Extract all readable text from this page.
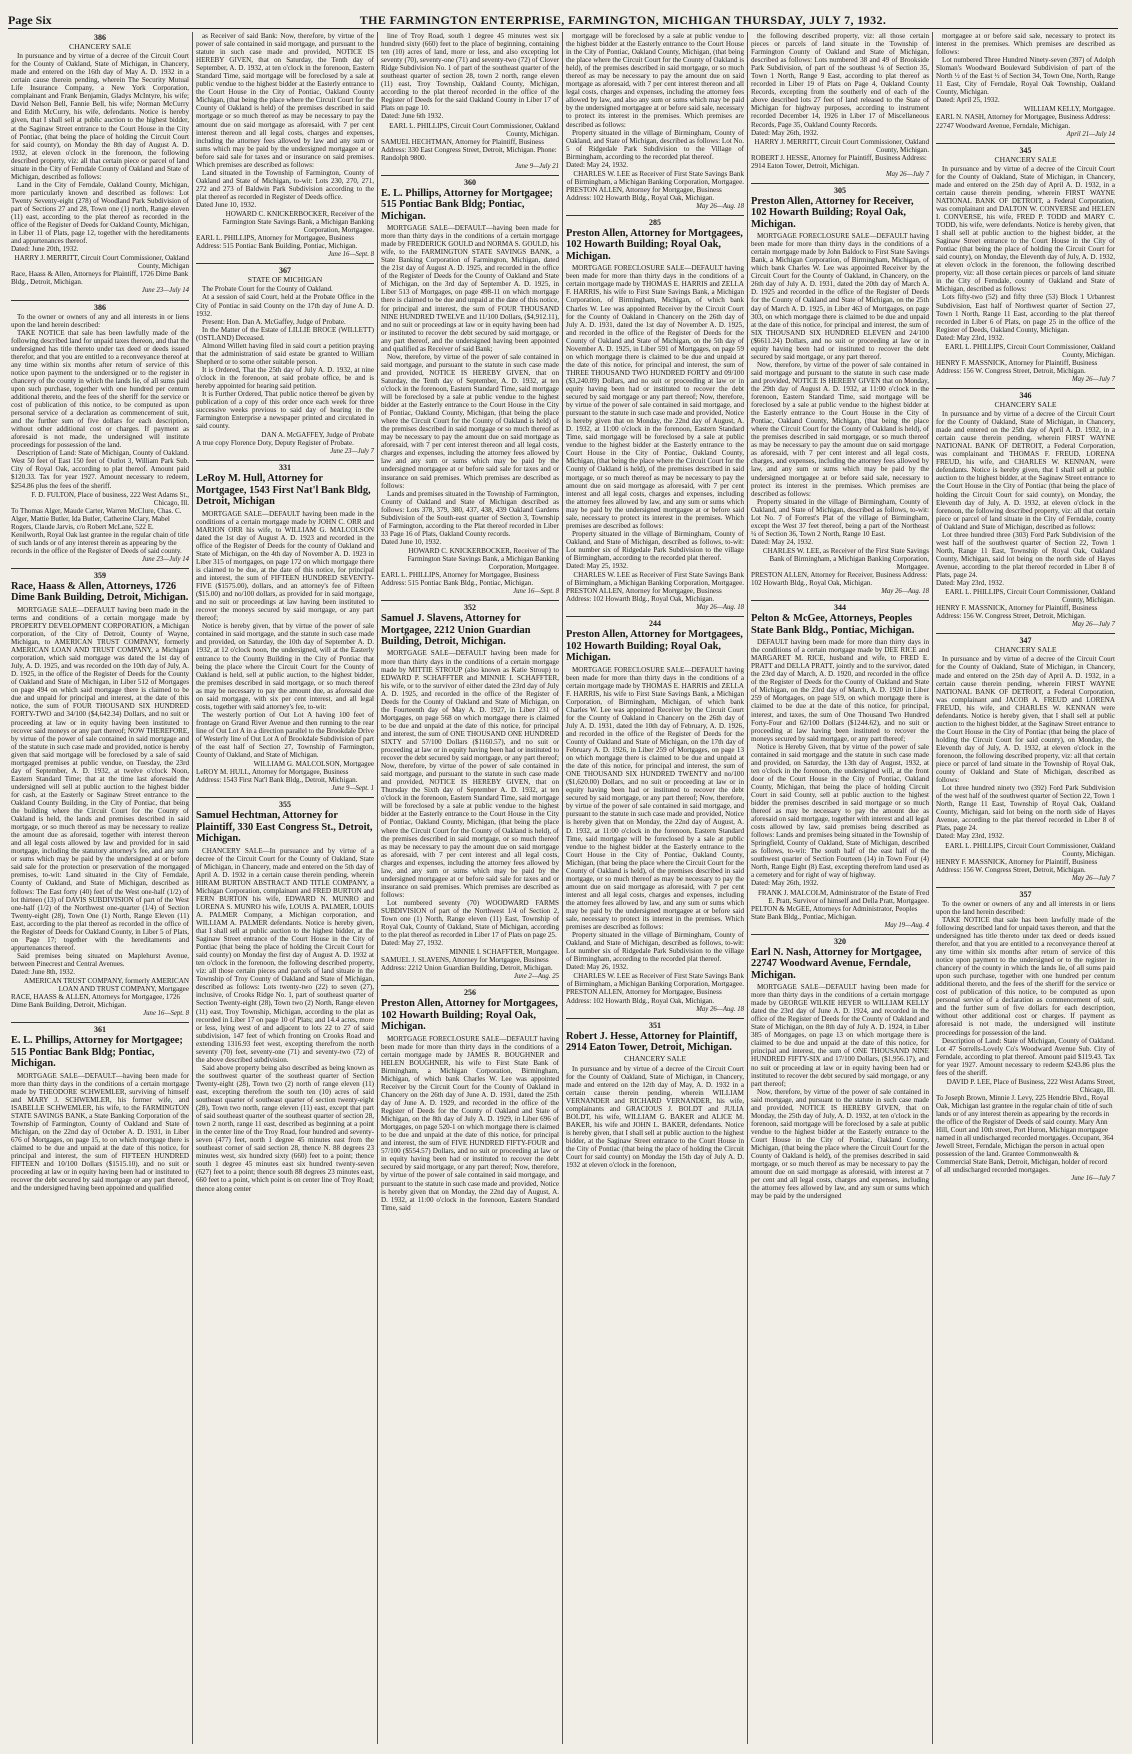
Page Six	THE FARMINGTON ENTERPRISE, FARMINGTON, MICHIGAN THURSDAY, JULY 7, 1932.
386
CHANCERY SALE

In pursuance and by virtue of a decree of the Circuit Court for the County of Oakland, State of Michigan, in Chancery, made and entered on the 16th day of May A. D. 1932 in a certain cause therein pending, wherein The Security Mutual Life Insurance Company, a New York Corporation, complainant and Frank Benjamin, Gladys McIntyre, his wife; David Nelson Bell, Fannie Bell, his wife; Norman McCurry and Edith McCurry, his wife, defendants. Notice is hereby given, that I shall sell at public auction to the highest bidder, at the Saginaw Street entrance to the Court House in the City of Pontiac, (that being the place of holding the Circuit Court for said county), on Monday the 8th day of August A. D. 1932, at eleven o'clock in the forenoon, the following described property, viz: all that certain piece or parcel of land situate in the City of Ferndale County of Oakland and State of Michigan, described as follows:

Land in the City of Ferndale, Oakland County, Michigan, more particularly known and described as follows: Lot Twenty Seventy-eight (278) of Woodland Park Subdivision of part of Sections 27 and 28, Town one (1) north, Range eleven (11) east, according to the plat thereof as recorded in the office of the Register of Deeds for Oakland County, Michigan, in Liber 11 of Plats, page 12, together with the hereditaments and appurtenances thereof.

Dated: June 20th, 1932.

HARRY J. MERRITT, Circuit Court Commissioner, Oakland County, Michigan

Race, Haass & Allen, Attorneys for Plaintiff, 1726 Dime Bank Bldg., Detroit, Michigan.

June 23—July 14
386

To the owner or owners of any and all interests in or liens upon the land herein described:

TAKE NOTICE that sale has been lawfully made of the following described land for unpaid taxes thereon, and that the undersigned has title thereto under tax deed or deeds issued therefor, and that you are entitled to a reconveyance thereof at any time within six months after return of service of this notice upon payment to the undersigned or to the register in chancery of the county in which the lands lie, of all sums paid upon such purchase, together with one hundred per centum additional thereto, and the fees of the sheriff for the service or cost of publication of this notice, to be computed as upon personal service of a declaration as commencement of suit, and the further sum of five dollars for each description, without other additional cost or charges. If payment as aforesaid is not made, the undersigned will institute proceedings for possession of the land.

Description of Land: State of Michigan, County of Oakland. West 50 feet of East 150 feet of Outlot 3, William Park Sub. City of Royal Oak, according to plat thereof. Amount paid $120.33. Tax for year 1927. Amount necessary to redeem, $254.86 plus the fees of the sheriff.

F. D. FULTON, Place of business, 222 West Adams St., Chicago, Ill.

To Thomas Alger, Maude Carter, Warren McClure, Chas. C. Alger, Mattie Butler, Ida Butler, Catherine Clary, Mabel Rogers, Claude Jarvis, c/o Robert McLane, 522 E. Kenilworth, Royal Oak last grantee in the regular chain of title of such lands or of any interest therein as appearing by the records in the office of the Register of Deeds of said county.

June 23—July 14
359
Race, Haass & Allen, Attorneys, 1726 Dime Bank Building, Detroit, Michigan.

MORTGAGE SALE—DEFAULT having been made in the terms and conditions of a certain mortgage made by PROPERTY DEVELOPMENT CORPORATION, a Michigan corporation, of the City of Detroit, County of Wayne, Michigan, to AMERICAN TRUST COMPANY, formerly AMERICAN LOAN AND TRUST COMPANY, a Michigan corporation, which said mortgage was dated the 1st day of July, A. D. 1925, and was recorded on the 10th day of July, A. D. 1925, in the office of the Register of Deeds for the County of Oakland and State of Michigan, in Liber 512 of Mortgages on page 494 on which said mortgage there is claimed to be due and unpaid for principal and interest, at the date of this notice, the sum of FOUR THOUSAND SIX HUNDRED FORTY-TWO and 34/100 ($4,642.34) Dollars, and no suit or proceeding at law or in equity having been instituted to recover said moneys or any part thereof; NOW THEREFORE, by virtue of the power of sale contained in said mortgage and of the statute in such case made and provided, notice is hereby given that said mortgage will be foreclosed by a sale of said mortgaged premises at public vendue, on Tuesday, the 23rd day of September, A. D. 1932, at twelve o'clock Noon, Eastern Standard Time; that at the time last aforesaid the undersigned will sell at public auction to the highest bidder for cash, at the Easterly or Saginaw Street entrance to the Oakland County Building, in the City of Pontiac, that being the building where the Circuit Court for the County of Oakland is held, the lands and premises described in said mortgage, or so much thereof as may be necessary to realize the amount due as aforesaid, together with interest thereon and all legal costs allowed by law and provided for in said mortgage, including the statutory attorney's fee, and any sum or sums which may be paid by the undersigned at or before said sale for the protection or preservation of the mortgaged premises, to-wit: Land situated in the City of Ferndale, County of Oakland, and State of Michigan, described as follows: The East forty (40) feet of the West one-half (1/2) of lot thirteen (13) of DAVIS SUBDIVISION of part of the West one-half (1/2) of the Northwest one-quarter (1/4) of Section Twenty-eight (28), Town One (1) North, Range Eleven (11) East, according to the plat thereof as recorded in the office of the Register of Deeds for Oakland County, in Liber 5 of Plats, on Page 17; together with the hereditaments and appurtenances thereof.

Said premises being situated on Maplehurst Avenue, between Pinecrest and Central Avenues.

Dated: June 8th, 1932.

AMERICAN TRUST COMPANY, formerly AMERICAN LOAN AND TRUST COMPANY, Mortgagee

RACE, HAASS & ALLEN, Attorneys for Mortgagee, 1726 Dime Bank Building, Detroit, Michigan.

June 16—Sept. 8
361
E. L. Phillips, Attorney for Mortgagee; 515 Pontiac Bank Bldg; Pontiac, Michigan.

MORTGAGE SALE—DEFAULT—having been made for more than thirty days in the conditions of a certain mortgage made by THEODORE SCHWEMLER, surviving of himself and MARY J. SCHWEMLER, his former wife, and ISABELLE SCHWEMLER, his wife, to the FARMINGTON STATE SAVINGS BANK, a State Banking Corporation of the Township of Farmington, County of Oakland and State of Michigan, on the 22nd day of October A. D. 1931, in Liber 676 of Mortgages, on page 15, to on which mortgage there is claimed to be due and unpaid at the date of this notice, for principal and interest, the sum of FIFTEEN HUNDRED FIFTEEN and 10/100 Dollars ($1515.10), and no suit or proceeding at law or in equity having been had or instituted to recover the debt secured by said mortgage or any part thereof, and the undersigned having been appointed and qualified

as Receiver of said Bank: Now, therefore, by virtue of the power of sale contained in said mortgage, and pursuant to the statute in such case made and provided, NOTICE IS HEREBY GIVEN, that on Saturday, the Tenth day of September, A. D. 1932, at ten o'clock in the forenoon, Eastern Standard Time, said mortgage will be foreclosed by a sale at public vendue to the highest bidder at the Easterly entrance to the Court House in the City of Pontiac, Oakland County Michigan, (that being the place where the Circuit Court for the County of Oakland is held) of the premises described in said mortgage or so much thereof as may be necessary to pay the amount due on said mortgage as aforesaid, with 7 per cent interest thereon and all legal costs, charges and expenses, including the attorney fees allowed by law and any sum or sums which may be paid by the undersigned mortgagee at or before said sale for taxes and or insurance on said premises. Which premises are described as follows:

Land situated in the Township of Farmington, County of Oakland and State of Michigan, to-wit: Lots 230, 270, 271, 272 and 273 of Baldwin Park Subdivision according to the plat thereof as recorded in Register of Deeds office.

Dated June 10, 1932.

HOWARD C. KNICKERBOCKER, Receiver of the Farmington State Savings Bank, a Michigan Banking Corporation, Mortgagee.

EARL L. PHILLIPS, Attorney for Mortgagee, Business Address: 515 Pontiac Bank Building, Pontiac, Michigan.

June 16—Sept. 8
367
STATE OF MICHIGAN

The Probate Court for the County of Oakland.

At a session of said Court, held at the Probate Office in the City of Pontiac in said County on the 17th day of June A. D. 1932.

Present: Hon. Dan A. McGaffey, Judge of Probate.

In the Matter of the Estate of LILLIE BROCE (WILLETT) (OSTLAND) Deceased.

Almond Willett having filed in said court a petition praying that the administration of said estate be granted to William Shepherd or to some other suitable person.

It is Ordered, That the 25th day of July A. D. 1932, at nine o'clock in the forenoon, at said probate office, be and is hereby appointed for hearing said petition.

It is Further Ordered, That public notice thereof be given by publication of a copy of this order once each week for three successive weeks previous to said day of hearing in the Farmington Enterprise a newspaper printed and circulated in said county.

DAN A. McGAFFEY, Judge of Probate

A true copy Florence Doty, Deputy Register of Probate.

June 23—July 7
331
LeRoy M. Hull, Attorney for Mortgagee, 1543 First Nat'l Bank Bldg, Detroit, Michigan

MORTGAGE SALE—DEFAULT having been made in the conditions of a certain mortgage made by JOHN C. ORR and MARION ORR his wife, to WILLIAM G. MALCOLSON dated the 1st day of August A. D. 1923 and recorded in the office of the Register of Deeds for the county of Oakland and State of Michigan, on the 4th day of November A. D. 1923 in Liber 315 of mortgages, on page 172 on which mortgage there is claimed to be due, at the date of this notice, for principal and interest, the sum of FIFTEEN HUNDRED SEVENTY-FIVE ($1575.00), dollars, and an attorney's fee of Fifteen ($15.00) and no/100 dollars, as provided for in said mortgage, and no suit or proceedings at law having been instituted to recover the moneys secured by said mortgage, or any part thereof;

Notice is hereby given, that by virtue of the power of sale contained in said mortgage, and the statute in such case made and provided, on Saturday, the 10th day of September A. D. 1932, at 12 o'clock noon, the undersigned, will at the Easterly entrance to the County Building in the City of Pontiac that being the place where the Circuit Court for the County of Oakland is held, sell at public auction, to the highest bidder, the premises described in said mortgage, or so much thereof as may be necessary to pay the amount due, as aforesaid due on said mortgage, with six per cent interest, and all legal costs, together with said attorney's fee, to-wit:

The westerly portion of Out Lot A having 100 feet of frontage on Grand River Avenue and then running to the rear line of Out Lot A in a direction parallel to the Brookdale Drive of Westerly line of Out Lot A of Brookdale Subdivision of part of the east half of Section 27, Township of Farmington, County of Oakland, and State of Michigan.

WILLIAM G. MALCOLSON, Mortgagee

LeROY M. HULL, Attorney for Mortgagee, Business Address: 1543 First Nat'l Bank Bldg., Detroit, Michigan.

June 9—Sept. 1
355
Samuel Hechtman, Attorney for Plaintiff, 330 East Congress St., Detroit, Michigan.

CHANCERY SALE—In pursuance and by virtue of a decree of the Circuit Court for the County of Oakland, State of Michigan, in Chancery, made and entered on the 5th day of April A. D. 1932 in a certain cause therein pending, wherein HIRAM BURTON ABSTRACT AND TITLE COMPANY, a Michigan Corporation, complainant and FRED BURTON and FERN BURTON his wife, EDWARD N. MUNRO and LORENA S. MUNRO his wife, LOUIS A. PALMER, LOUIS A. PALMER Company, a Michigan corporation, and WILLIAM A. PALMER defendants. Notice is hereby given, that I shall sell at public auction to the highest bidder, at the Saginaw Street entrance of the Court House in the City of Pontiac (that being the place of holding the Circuit Court for said county) on Monday the first day of August A. D. 1932 at ten o'clock in the forenoon, the following described property, viz: all those certain pieces and parcels of land situate in the Township of Troy County of Oakland and State of Michigan, described as follows: Lots twenty-two (22) to seven (27), inclusive, of Crooks Ridge No. 1, part of southeast quarter of Section Twenty-eight (28), Town two (2) North, Range eleven (11) east, Troy Township, Michigan, according to the plat as recorded in Liber 17 on page 10 of Plats; and 14.4 acres, more or less, lying west of and adjacent to lots 22 to 27 of said subdivision, 147 feet of which fronting on Crooks Road and extending 1316.93 feet west, excepting therefrom the north seventy (70) feet, seventy-one (71) and seventy-two (72) of the above described subdivision.

Said above property being also described as being known as the southwest quarter of the southeast quarter of Section Twenty-eight (28), Town two (2) north of range eleven (11) east, excepting therefrom the south ten (10) acres of said southeast quarter of southeast quarter of section twenty-eight (28), Town two north, range eleven (11) east, except that part of said southeast quarter of the southeast quarter of section 28, town 2 north, range 11 east, described as beginning at a point in the center line of the Troy Road, four hundred and seventy-seven (477) feet, north 1 degree 45 minutes east from the southeast corner of said section 28, thence N. 88 degrees 23 minutes west, six hundred sixty (660) feet to a point; thence south 1 degree 45 minutes east six hundred twenty-seven (627) feet to a point; thence south 88 degrees 23 minutes east, 660 feet to a point, which point is on center line of Troy Road; thence along center

line of Troy Road, south 1 degree 45 minutes west six hundred sixty (660) feet to the place of beginning, containing ten (10) acres of land, more or less, and also excepting lot seventy (70), seventy-one (71) and seventy-two (72) of Clover Ridge Subdivision No. 1 of part of the southeast quarter of the southeast quarter of section 28, town 2 north, range eleven (11) east, Troy Township, Oakland County, Michigan, according to the plat thereof recorded in the office of the Register of Deeds for the said Oakland County in Liber 17 of Plats on page 10.

Dated: June 6th 1932.

EARL L. PHILLIPS, Circuit Court Commissioner, Oakland County, Michigan.

SAMUEL HECHTMAN, Attorney for Plaintiff, Business Address: 330 East Congress Street, Detroit, Michigan. Phone: Randolph 9800.

June 9—July 21
360
E. L. Phillips, Attorney for Mortgagee; 515 Pontiac Bank Bldg; Pontiac, Michigan.

MORTGAGE SALE—DEFAULT—having been made for more than thirty days in the conditions of a certain mortgage made by FREDERICK GOULD and NORMA S. GOULD, his wife, to the FARMINGTON STATE SAVINGS BANK, a State Banking Corporation of Farmington, Michigan, dated the 21st day of August A. D. 1925, and recorded in the office of the Register of Deeds for the County of Oakland and State of Michigan, on the 3rd day of September A. D. 1925, in Liber 513 of Mortgages, on page 498-11 on which mortgage there is claimed to be due and unpaid at the date of this notice, for principal and interest, the sum of FOUR THOUSAND NINE HUNDRED TWELVE and 11/100 Dollars, ($4,912.11), and no suit or proceedings at law or in equity having been had or instituted to recover the debt secured by said mortgage, or any part thereof, and the undersigned having been appointed and qualified as Receiver of said Bank;

Now, therefore, by virtue of the power of sale contained in said mortgage, and pursuant to the statute in such case made and provided, NOTICE IS HEREBY GIVEN, that on Saturday, the Tenth day of September, A. D. 1932, at ten o'clock in the forenoon, Eastern Standard Time, said mortgage will be foreclosed by a sale at public vendue to the highest bidder at the Easterly entrance to the Court House in the City of Pontiac, Oakland County, Michigan, (that being the place where the Circuit Court for the County of Oakland is held) of the premises described in said mortgage or so much thereof as may be necessary to pay the amount due on said mortgage as aforesaid, with 7 per cent interest thereon and all legal costs, charges and expenses, including the attorney fees allowed by law and any sum or sums which may be paid by the undersigned mortgagee at or before said sale for taxes and or insurance on said premises. Which premises are described as follows:

Lands and premises situated in the Township of Farmington, County of Oakland and State of Michigan described as follows: Lots 378, 379, 380, 437, 438, 439 Oakland Gardens Subdivision of the South-east quarter of Section 3, Township of Farmington, according to the Plat thereof recorded in Liber 33 Page 16 of Plats, Oakland County records.

Dated June 10, 1932.

HOWARD C. KNICKERBOCKER, Receiver of The Farmington State Savings Bank, a Michigan Banking Corporation, Mortgagee.

EARL L. PHILLIPS, Attorney for Mortgagee, Business Address: 515 Pontiac Bank Bldg., Pontiac, Michigan.

June 16—Sept. 8
352
Samuel J. Slavens, Attorney for Mortgagee, 2212 Union Guardian Building, Detroit, Michigan.

MORTGAGE SALE—DEFAULT having been made for more than thirty days in the conditions of a certain mortgage made by MITTIE STROUP (also known as Katie Stroup) to EDWARD P. SCHAFFTER and MINNIE I. SCHAFFTER, his wife, or to the survivor of either dated the 23rd day of July A. D. 1925, and recorded in the office of the Register of Deeds for the County of Oakland and State of Michigan, on the Fourteenth day of May A. D. 1927, in Liber 231 of Mortgages, on page 568 on which mortgage there is claimed to be due and unpaid at the date of this notice, for principal and interest, the sum of ONE THOUSAND ONE HUNDRED SIXTY and 57/100 Dollars ($1160.57), and no suit or proceeding at law or in equity having been had or instituted to recover the debt secured by said mortgage, or any part thereof; Now, therefore, by virtue of the power of sale contained in said mortgage, and pursuant to the statute in such case made and provided, NOTICE IS HEREBY GIVEN, that on Thursday the Sixth day of September A. D. 1932, at ten o'clock in the forenoon, Eastern Standard Time, said mortgage will be foreclosed by a sale at public vendue to the highest bidder at the Easterly entrance to the Court House in the City of Pontiac, Oakland County, Michigan, (that being the place where the Circuit Court for the County of Oakland is held), of the premises described in said mortgage, or so much thereof as may be necessary to pay the amount due on said mortgage as aforesaid, with 7 per cent interest and all legal costs, charges and expenses, including the attorney fees allowed by law, and any sum or sums which may be paid by the undersigned mortgagee at or before said sale for taxes and or insurance on said premises. Which premises are described as follows:

Lot numbered seventy (70) WOODWARD FARMS SUBDIVISION of part of the Northwest 1/4 of Section 2, Town one (1) North, Range eleven (11) East, Township of Royal Oak, County of Oakland, State of Michigan, according to the plat thereof as recorded in Liber 17 of Plats on page 25.

Dated: May 27, 1932.

MINNIE I. SCHAFFTER, Mortgagee.

SAMUEL J. SLAVENS, Attorney for Mortgagee, Business Address: 2212 Union Guardian Building, Detroit, Michigan.

June 2—Aug. 25
256
Preston Allen, Attorney for Mortgagees, 102 Howarth Building; Royal Oak, Michigan.

MORTGAGE FORECLOSURE SALE—DEFAULT having been made for more than thirty days in the conditions of a certain mortgage made by JAMES R. BOUGHNER and HELEN BOUGHNER, his wife to First State Bank of Birmingham, a Michigan Corporation, Birmingham, Michigan, of which bank Charles W. Lee was appointed Receiver by the Circuit Court for the County of Oakland in Chancery on the 26th day of June A. D. 1931, dated the 25th day of June A. D. 1929, and recorded in the office of the Register of Deeds for the County of Oakland and State of Michigan, on the 8th day of July A. D. 1929, in Liber 696 of Mortgages, on page 520-1 on which mortgage there is claimed to be due and unpaid at the date of this notice, for principal and interest, the sum of FIVE HUNDRED FIFTY-FOUR and 57/100 ($554.57) Dollars, and no suit or proceeding at law or in equity having been had or instituted to recover the debt secured by said mortgage, or any part thereof; Now, therefore, by virtue of the power of sale contained in said mortgage, and pursuant to the statute in such case made and provided, Notice is hereby given that on Monday, the 22nd day of August, A. D. 1932, at 11:00 o'clock in the forenoon, Eastern Standard Time, said

mortgage will be foreclosed by a sale at public vendue to the highest bidder at the Easterly entrance to the Court House in the City of Pontiac, Oakland County, Michigan, (that being the place where the Circuit Court for the County of Oakland is held), of the premises described in said mortgage, or so much thereof as may be necessary to pay the amount due on said mortgage as aforesaid, with 7 per cent interest thereon and all legal costs, charges and expenses, including the attorney fees allowed by law, and also any sum or sums which may be paid by the undersigned mortgagee at or before said sale, necessary to protect its interest in the premises. Which premises are described as follows:

Property situated in the village of Birmingham, County of Oakland, and State of Michigan, described as follows: Lot No. 5 of Ridgedale Park Subdivision to the Village of Birmingham, according to the recorded plat thereof.

Dated: May 24, 1932.

CHARLES W. LEE as Receiver of First State Savings Bank of Birmingham, a Michigan Banking Corporation, Mortgagee.

PRESTON ALLEN, Attorney for Mortgagee, Business Address: 102 Howarth Bldg., Royal Oak, Michigan.

May 26—Aug. 18
285
Preston Allen, Attorney for Mortgagees, 102 Howarth Building; Royal Oak, Michigan.

MORTGAGE FORECLOSURE SALE—DEFAULT having been made for more than thirty days in the conditions of a certain mortgage made by THOMAS E. HARRIS and ZELLA F. HARRIS, his wife to First State Savings Bank, a Michigan Corporation, of Birmingham, Michigan, of which bank Charles W. Lee was appointed Receiver by the Circuit Court for the County of Oakland in Chancery on the 26th day of July A. D. 1931, dated the 1st day of November A. D. 1925, and recorded in the office of the Register of Deeds for the County of Oakland and State of Michigan, on the 5th day of November A. D. 1925, in Liber 591 of Mortgages, on page 59 on which mortgage there is claimed to be due and unpaid at the date of this notice, for principal and interest, the sum of THREE THOUSAND TWO HUNDRED FORTY and 09/100 ($3,240.09) Dollars, and no suit or proceeding at law or in equity having been had or instituted to recover the debt secured by said mortgage or any part thereof; Now, therefore, by virtue of the power of sale contained in said mortgage, and pursuant to the statute in such case made and provided, Notice is hereby given that on Monday, the 22nd day of August, A. D. 1932, at 11:00 o'clock in the forenoon, Eastern Standard Time, said mortgage will be foreclosed by a sale at public vendue to the highest bidder at the Easterly entrance to the Court House in the City of Pontiac, Oakland County, Michigan, (that being the place where the Circuit Court for the County of Oakland is held), of the premises described in said mortgage, or so much thereof as may be necessary to pay the amount due on said mortgage as aforesaid, with 7 per cent interest and all legal costs, charges and expenses, including the attorney fees allowed by law, and any sum or sums which may be paid by the undersigned mortgagee at or before said sale, necessary to protect its interest in the premises. Which premises are described as follows:

Property situated in the village of Birmingham, County of Oakland, and State of Michigan, described as follows, to-wit: Lot number six of Ridgedale Park Subdivision to the village of Birmingham, according to the recorded plat thereof.

Dated: May 25, 1932.

CHARLES W. LEE as Receiver of First State Savings Bank of Birmingham, a Michigan Banking Corporation, Mortgagee.

PRESTON ALLEN, Attorney for Mortgagee, Business Address: 102 Howarth Bldg., Royal Oak, Michigan.

May 26—Aug. 18
244
Preston Allen, Attorney for Mortgagees, 102 Howarth Building; Royal Oak, Michigan.

MORTGAGE FORECLOSURE SALE—DEFAULT having been made for more than thirty days in the conditions of a certain mortgage made by THOMAS E. HARRIS and ZELLA F. HARRIS, his wife to First State Savings Bank, a Michigan Corporation, of Birmingham, Michigan, of which bank Charles W. Lee was appointed Receiver by the Circuit Court for the County of Oakland in Chancery on the 26th day of July A. D. 1931, dated the 10th day of February, A. D. 1926, and recorded in the office of the Register of Deeds for the County of Oakland and State of Michigan, on the 17th day of February A. D. 1926, in Liber 259 of Mortgages, on page 13 on which mortgage there is claimed to be due and unpaid at the date of this notice, for principal and interest, the sum of ONE THOUSAND SIX HUNDRED TWENTY and no/100 ($1,620.00) Dollars, and no suit or proceeding at law or in equity having been had or instituted to recover the debt secured by said mortgage, or any part thereof; Now, therefore, by virtue of the power of sale contained in said mortgage, and pursuant to the statute in such case made and provided, Notice is hereby given that on Monday, the 22nd day of August, A. D. 1932, at 11:00 o'clock in the forenoon, Eastern Standard Time, said mortgage will be foreclosed by a sale at public vendue to the highest bidder at the Easterly entrance to the Court House in the City of Pontiac, Oakland County, Michigan, (that being the place where the Circuit Court for the County of Oakland is held), of the premises described in said mortgage, or so much thereof as may be necessary to pay the amount due on said mortgage as aforesaid, with 7 per cent interest and all legal costs, charges and expenses, including the attorney fees allowed by law, and any sum or sums which may be paid by the undersigned mortgagee at or before said sale, necessary to protect its interest in the premises. Which premises are described as follows:

Property situated in the village of Birmingham, County of Oakland, and State of Michigan, described as follows, to-wit: Lot number six of Ridgedale Park Subdivision to the village of Birmingham, according to the recorded plat thereof.

Dated: May 26, 1932.

CHARLES W. LEE as Receiver of First State Savings Bank of Birmingham, a Michigan Banking Corporation, Mortgagee.

PRESTON ALLEN, Attorney for Mortgagee, Business Address: 102 Howarth Bldg., Royal Oak, Michigan.

May 26—Aug. 18
351
Robert J. Hesse, Attorney for Plaintiff, 2914 Eaton Tower, Detroit, Michigan.
CHANCERY SALE

In pursuance and by virtue of a decree of the Circuit Court for the County of Oakland, State of Michigan, in Chancery, made and entered on the 12th day of May, A. D. 1932 in a certain cause therein pending, wherein WILLIAM VERNANDER and RICHARD VERNANDER, his wife, complainants and GRACIOUS J. BOLDT and JULIA BOLDT, his wife, WILLIAM G. BAKER and ALICE M. BAKER, his wife and JOHN L. BAKER, defendants. Notice is hereby given, that I shall sell at public auction to the highest bidder, at the Saginaw Street entrance to the Court House in the City of Pontiac (that being the place of holding the Circuit Court for said county) on Monday the 15th day of July A. D. 1932 at eleven o'clock in the forenoon,

the following described property, viz: all those certain pieces or parcels of land situate in the Township of Farmington County of Oakland and State of Michigan, described as follows: Lots numbered 38 and 49 of Brookside Park Subdivision, of part of the southeast ¼ of Section 35, Town 1 North, Range 9 East, according to plat thereof as recorded in Liber 19 of Plats on Page 4, Oakland County Records, excepting from the southerly end of each of the above described lots 27 feet of land released to the State of Michigan for highway purposes, according to instrument recorded December 14, 1926 in Liber 17 of Miscellaneous Records, Page 35, Oakland County Records.

Dated: May 26th, 1932.

HARRY J. MERRITT, Circuit Court Commissioner, Oakland County, Michigan.

ROBERT J. HESSE, Attorney for Plaintiff, Business Address: 2914 Eaton Tower, Detroit, Michigan.

May 26—July 7
305
Preston Allen, Attorney for Receiver, 102 Howarth Building; Royal Oak, Michigan.

MORTGAGE FORECLOSURE SALE—DEFAULT having been made for more than thirty days in the conditions of a certain mortgage made by John Baldock to First State Savings Bank, a Michigan Corporation, of Birmingham, Michigan, of which bank Charles W. Lee was appointed Receiver by the Circuit Court for the County of Oakland, in Chancery, on the 26th day of July A. D. 1931, dated the 20th day of March A. D. 1925 and recorded in the office of the Register of Deeds for the County of Oakland and State of Michigan, on the 25th day of March A. D. 1925, in Liber 463 of Mortgages, on page 303, on which mortgage there is claimed to be due and unpaid at the date of this notice, for principal and interest, the sum of SIX THOUSAND SIX HUNDRED ELEVEN and 24/100 ($6611.24) Dollars, and no suit or proceeding at law or in equity having been had or instituted to recover the debt secured by said mortgage, or any part thereof.

Now, therefore, by virtue of the power of sale contained in said mortgage and pursuant to the statute in such case made and provided, NOTICE IS HEREBY GIVEN that on Monday, the 29th day of August A. D. 1932, at 11:00 o'clock in the forenoon, Eastern Standard Time, said mortgage will be foreclosed by a sale at public vendue to the highest bidder at the Easterly entrance to the Court House in the City of Pontiac, Oakland County, Michigan, (that being the place where the Circuit Court for the County of Oakland is held), of the premises described in said mortgage, or so much thereof as may be necessary to pay the amount due on said mortgage as aforesaid, with 7 per cent interest and all legal costs, charges, and expenses, including the attorney fees allowed by law, and any sum or sums which may be paid by the undersigned mortgagee at or before said sale, necessary to protect its interest in the premises. Which premises are described as follows:

Property situated in the village of Birmingham, County of Oakland, and State of Michigan, described as follows, to-wit: Lot No. 7 of Forrest's Plat of the village of Birmingham, except the West 37 feet thereof, being a part of the Northeast ¼ of Section 36, Town 2 North, Range 10 East.

Dated: May 24, 1932.

CHARLES W. LEE, as Receiver of the First State Savings Bank of Birmingham, a Michigan Banking Corporation, Mortgagee.

PRESTON ALLEN, Attorney for Receiver, Business Address: 102 Howarth Bldg., Royal Oak, Michigan.

May 26—Aug. 18
344
Pelton & McGee, Attorneys, Peoples State Bank Bldg., Pontiac, Michigan.

DEFAULT having been made for more than thirty days in the conditions of a certain mortgage made by DEE RICE and MARGARET M. RICE, husband and wife, to FRED E. PRATT and DELLA PRATT, jointly and to the survivor, dated the 23rd day of March, A. D. 1920, and recorded in the office of the Register of Deeds for the County of Oakland and State of Michigan, on the 23rd day of March, A. D. 1920 in Liber 259 of Mortgages, on page 519, on which mortgage there is claimed to be due at the date of this notice, for principal, interest, and taxes, the sum of One Thousand Two Hundred Forty-Four and 62/100 Dollars ($1244.62), and no suit or proceeding at law having been instituted to recover the moneys secured by said mortgage, or any part thereof;

Notice is Hereby Given, that by virtue of the power of sale contained in said mortgage and the statute in such case made and provided, on Saturday, the 13th day of August, 1932, at ten o'clock in the forenoon, the undersigned will, at the front door of the Court House in the City of Pontiac, Oakland County, Michigan, that being the place of holding Circuit Court in said County, sell at public auction to the highest bidder the premises described in said mortgage or so much thereof as may be necessary to pay the amount due as aforesaid on said mortgage, together with interest and all legal costs allowed by law, said premises being described as follows: Lands and premises being situated in the Township of Springfield, County of Oakland, State of Michigan, described as follows, to-wit: The south half of the east half of the southwest quarter of Section Fourteen (14) in Town Four (4) North, Range Eight (8) East, excepting therefrom land used as a cemetery and for right of way of highway.

Dated: May 26th, 1932.

FRANK J. MALCOLM, Administrator of the Estate of Fred E. Pratt, Survivor of himself and Della Pratt, Mortgagee.

PELTON & McGEE, Attorneys for Administrator, Peoples State Bank Bldg., Pontiac, Michigan.

May 19—Aug. 4
320
Earl N. Nash, Attorney for Mortgagee, 22747 Woodward Avenue, Ferndale, Michigan.

MORTGAGE SALE—DEFAULT having been made for more than thirty days in the conditions of a certain mortgage made by GEORGE WILKIE HEYER to WILLIAM KELLY dated the 23rd day of June A. D. 1924, and recorded in the office of the Register of Deeds for the County of Oakland and State of Michigan, on the 8th day of July A. D. 1924, in Liber 385 of Mortgages, on page 13 on which mortgage there is claimed to be due and unpaid at the date of this notice, for principal and interest, the sum of ONE THOUSAND NINE HUNDRED FIFTY-SIX and 17/100 Dollars, ($1,956.17), and no suit or proceeding at law or in equity having been had or instituted to recover the debt secured by said mortgage, or any part thereof;

Now, therefore, by virtue of the power of sale contained in said mortgage, and pursuant to the statute in such case made and provided, NOTICE IS HEREBY GIVEN, that on Monday, the 25th day of July, A. D. 1932, at ten o'clock in the forenoon, said mortgage will be foreclosed by a sale at public vendue to the highest bidder at the Easterly entrance to the Court House in the City of Pontiac, Oakland County, Michigan, (that being the place where the Circuit Court for the County of Oakland is held), of the premises described in said mortgage, or so much thereof as may be necessary to pay the amount due on said mortgage as aforesaid, with interest at 7 per cent and all legal costs, charges and expenses, including the attorney fees allowed by law, and any sum or sums which may be paid by the undersigned

mortgagee at or before said sale, necessary to protect its interest in the premises. Which premises are described as follows:

Lot numbered Three Hundred Ninety-seven (397) of Adolph Sloman's Woodward Boulevard Subdivision of part of the North ½ of the East ½ of Section 34, Town One, North, Range 11 East, City of Ferndale, Royal Oak Township, Oakland County, Michigan.

Dated: April 25, 1932.

WILLIAM KELLY, Mortgagee.

EARL N. NASH, Attorney for Mortgagee, Business Address: 22747 Woodward Avenue, Ferndale, Michigan.

April 21—July 14
345
CHANCERY SALE

In pursuance and by virtue of a decree of the Circuit Court for the County of Oakland, State of Michigan, in Chancery, made and entered on the 25th day of April A. D. 1932, in a certain cause therein pending, wherein FIRST WAYNE NATIONAL BANK OF DETROIT, a Federal Corporation, was complainant and DALTON W. CONVERSE and HELEN I. CONVERSE, his wife, FRED P. TODD and MARY C. TODD, his wife, were defendants. Notice is hereby given, that I shall sell at public auction to the highest bidder, at the Saginaw Street entrance to the Court House in the City of Pontiac (that being the place of holding the Circuit Court for said county), on Monday, the Eleventh day of July, A. D. 1932, at eleven o'clock in the forenoon, the following described property, viz: all those certain pieces or parcels of land situate in the City of Ferndale, county of Oakland and State of Michigan, described as follows:

Lots fifty-two (52) and fifty three (53) Block 1 Urbanrest Subdivision, East half of Northwest quarter of Section 27, Town 1 North, Range 11 East, according to the plat thereof recorded in Liber 6 of Plats, on page 25 in the office of the Register of Deeds, Oakland County, Michigan.

Dated: May 23rd, 1932.

EARL L. PHILLIPS, Circuit Court Commissioner, Oakland County, Michigan.

HENRY F. MASSNICK, Attorney for Plaintiff, Business Address: 156 W. Congress Street, Detroit, Michigan.

May 26—July 7
346
CHANCERY SALE

In pursuance and by virtue of a decree of the Circuit Court for the County of Oakland, State of Michigan, in Chancery, made and entered on the 25th day of April A. D. 1932, in a certain cause therein pending, wherein FIRST WAYNE NATIONAL BANK OF DETROIT, a Federal Corporation, was complainant and THOMAS F. FREUD, LORENA FREUD, his wife, and CHARLES W. KENNAN, were defendants. Notice is hereby given, that I shall sell at public auction to the highest bidder, at the Saginaw Street entrance to the Court House in the City of Pontiac (that being the place of holding the Circuit Court for said county), on Monday, the Eleventh day of July, A. D. 1932, at eleven o'clock in the forenoon, the following described property, viz: all that certain piece or parcel of land situate in the City of Ferndale, county of Oakland and State of Michigan, described as follows:

Lot three hundred three (303) Ford Park Subdivision of the west half of the southwest quarter of Section 22, Town 1 North, Range 11 East, Township of Royal Oak, Oakland County, Michigan, said lot being on the north side of Hayes Avenue, according to the plat thereof recorded in Liber 8 of Plats, page 24.

Dated: May 23rd, 1932.

EARL L. PHILLIPS, Circuit Court Commissioner, Oakland County, Michigan.

HENRY F. MASSNICK, Attorney for Plaintiff, Business Address: 156 W. Congress Street, Detroit, Michigan.

May 26—July 7
347
CHANCERY SALE

In pursuance and by virtue of a decree of the Circuit Court for the County of Oakland, State of Michigan, in Chancery, made and entered on the 25th day of April A. D. 1932, in a certain cause therein pending, wherein FIRST WAYNE NATIONAL BANK OF DETROIT, a Federal Corporation, was complainant and JACOB A. FREUD and LORENA FREUD, his wife, and CHARLES W. KENNAN were defendants. Notice is hereby given, that I shall sell at public auction to the highest bidder, at the Saginaw Street entrance to the Court House in the City of Pontiac (that being the place of holding the Circuit Court for said county), on Monday, the Eleventh day of July, A. D. 1932, at eleven o'clock in the forenoon, the following described property, viz: all that certain piece or parcel of land situate in the Township of Royal Oak, county of Oakland and State of Michigan, described as follows:

Lot three hundred ninety two (392) Ford Park Subdivision of the west half of the southwest quarter of Section 22, Town 1 North, Range 11 East, Township of Royal Oak, Oakland County, Michigan, said lot being on the north side of Hayes Avenue, according to the plat thereof recorded in Liber 8 of Plats, page 24.

Dated: May 23rd, 1932.

EARL L. PHILLIPS, Circuit Court Commissioner, Oakland County, Michigan.

HENRY F. MASSNICK, Attorney for Plaintiff, Business Address: 156 W. Congress Street, Detroit, Michigan.

May 26—July 7
357

To the owner or owners of any and all interests in or liens upon the land herein described:

TAKE NOTICE that sale has been lawfully made of the following described land for unpaid taxes thereon, and that the undersigned has title thereto under tax deed or deeds issued therefor, and that you are entitled to a reconveyance thereof at any time within six months after return of service of this notice upon payment to the undersigned or to the register in chancery of the county in which the lands lie, of all sums paid upon such purchase, together with one hundred per centum additional thereto, and the fees of the sheriff for the service or cost of publication of this notice, to be computed as upon personal service of a declaration as commencement of suit, and the further sum of five dollars for each description, without other additional cost or charges. If payment as aforesaid is not made, the undersigned will institute proceedings for possession of the land.

Description of Land: State of Michigan, County of Oakland. Lot 47 Sorrells-Lovely Co's Woodward Avenue Sub. City of Ferndale, according to plat thereof. Amount paid $119.43. Tax for year 1927. Amount necessary to redeem $243.86 plus the fees of the sheriff.

DAVID P. LEE, Place of Business, 222 West Adams Street, Chicago, Ill.

To Joseph Brown, Minnie J. Levy, 225 Hendrie Blvd., Royal Oak, Michigan last grantee in the regular chain of title of such lands or of any interest therein as appearing by the records in the office of the Register of Deeds of said county. Mary Ann Hill, Court and 10th street, Port Huron, Michigan mortgagee named in all undischarged recorded mortgages. Occupant, 364 Jewell Street, Ferndale, Michigan the person in actual open possession of the land. Grantee Commonwealth & Commercial State Bank, Detroit, Michigan, holder of record of all undischarged recorded mortgages.

June 16—July 7
